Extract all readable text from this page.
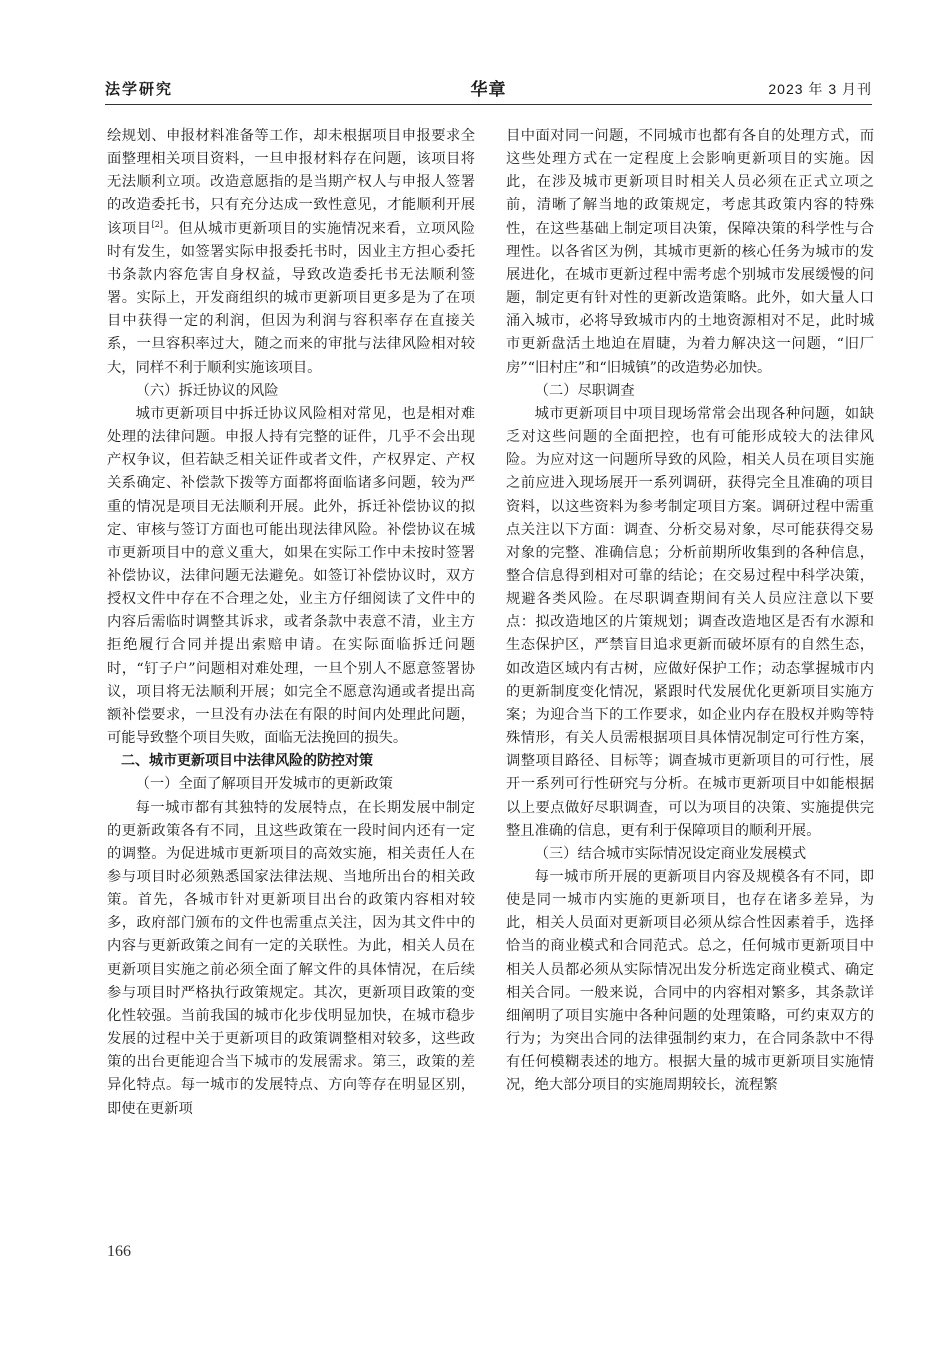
法学研究	华章	2023 年 3 月刊

绘规划、申报材料准备等工作，却未根据项目申报要求全面整理相关项目资料，一旦申报材料存在问题，该项目将无法顺利立项。改造意愿指的是当期产权人与申报人签署的改造委托书，只有充分达成一致性意见，才能顺利开展该项目[2]。但从城市更新项目的实施情况来看，立项风险时有发生，如签署实际申报委托书时，因业主方担心委托书条款内容危害自身权益，导致改造委托书无法顺利签署。实际上，开发商组织的城市更新项目更多是为了在项目中获得一定的利润，但因为利润与容积率存在直接关系，一旦容积率过大，随之而来的审批与法律风险相对较大，同样不利于顺利实施该项目。

（六）拆迁协议的风险

城市更新项目中拆迁协议风险相对常见，也是相对难处理的法律问题。申报人持有完整的证件，几乎不会出现产权争议，但若缺乏相关证件或者文件，产权界定、产权关系确定、补偿款下拨等方面都将面临诸多问题，较为严重的情况是项目无法顺利开展。此外，拆迁补偿协议的拟定、审核与签订方面也可能出现法律风险。补偿协议在城市更新项目中的意义重大，如果在实际工作中未按时签署补偿协议，法律问题无法避免。如签订补偿协议时，双方授权文件中存在不合理之处，业主方仔细阅读了文件中的内容后需临时调整其诉求，或者条款中表意不清，业主方拒绝履行合同并提出索赔申请。在实际面临拆迁问题时，“钉子户”问题相对难处理，一旦个别人不愿意签署协议，项目将无法顺利开展；如完全不愿意沟通或者提出高额补偿要求，一旦没有办法在有限的时间内处理此问题，可能导致整个项目失败，面临无法挽回的损失。

二、城市更新项目中法律风险的防控对策

（一）全面了解项目开发城市的更新政策

每一城市都有其独特的发展特点，在长期发展中制定的更新政策各有不同，且这些政策在一段时间内还有一定的调整。为促进城市更新项目的高效实施，相关责任人在参与项目时必须熟悉国家法律法规、当地所出台的相关政策。首先，各城市针对更新项目出台的政策内容相对较多，政府部门颁布的文件也需重点关注，因为其文件中的内容与更新政策之间有一定的关联性。为此，相关人员在更新项目实施之前必须全面了解文件的具体情况，在后续参与项目时严格执行政策规定。其次，更新项目政策的变化性较强。当前我国的城市化步伐明显加快，在城市稳步发展的过程中关于更新项目的政策调整相对较多，这些政策的出台更能迎合当下城市的发展需求。第三，政策的差异化特点。每一城市的发展特点、方向等存在明显区别，即使在更新项

目中面对同一问题，不同城市也都有各自的处理方式，而这些处理方式在一定程度上会影响更新项目的实施。因此，在涉及城市更新项目时相关人员必须在正式立项之前，清晰了解当地的政策规定，考虑其政策内容的特殊性，在这些基础上制定项目决策，保障决策的科学性与合理性。以各省区为例，其城市更新的核心任务为城市的发展进化，在城市更新过程中需考虑个别城市发展缓慢的问题，制定更有针对性的更新改造策略。此外，如大量人口涌入城市，必将导致城市内的土地资源相对不足，此时城市更新盘活土地迫在眉睫，为着力解决这一问题，“旧厂房”“旧村庄”和“旧城镇”的改造势必加快。

（二）尽职调查

城市更新项目中项目现场常常会出现各种问题，如缺乏对这些问题的全面把控，也有可能形成较大的法律风险。为应对这一问题所导致的风险，相关人员在项目实施之前应进入现场展开一系列调研，获得完全且准确的项目资料，以这些资料为参考制定项目方案。调研过程中需重点关注以下方面：调查、分析交易对象，尽可能获得交易对象的完整、准确信息；分析前期所收集到的各种信息，整合信息得到相对可靠的结论；在交易过程中科学决策，规避各类风险。在尽职调查期间有关人员应注意以下要点：拟改造地区的片策规划；调查改造地区是否有水源和生态保护区，严禁盲目追求更新而破坏原有的自然生态，如改造区域内有古树，应做好保护工作；动态掌握城市内的更新制度变化情况，紧跟时代发展优化更新项目实施方案；为迎合当下的工作要求，如企业内存在股权并购等特殊情形，有关人员需根据项目具体情况制定可行性方案，调整项目路径、目标等；调查城市更新项目的可行性，展开一系列可行性研究与分析。在城市更新项目中如能根据以上要点做好尽职调查，可以为项目的决策、实施提供完整且准确的信息，更有利于保障项目的顺利开展。

（三）结合城市实际情况设定商业发展模式

每一城市所开展的更新项目内容及规模各有不同，即使是同一城市内实施的更新项目，也存在诸多差异，为此，相关人员面对更新项目必须从综合性因素着手，选择恰当的商业模式和合同范式。总之，任何城市更新项目中相关人员都必须从实际情况出发分析选定商业模式、确定相关合同。一般来说，合同中的内容相对繁多，其条款详细阐明了项目实施中各种问题的处理策略，可约束双方的行为；为突出合同的法律强制约束力，在合同条款中不得有任何模糊表述的地方。根据大量的城市更新项目实施情况，绝大部分项目的实施周期较长，流程繁

166
